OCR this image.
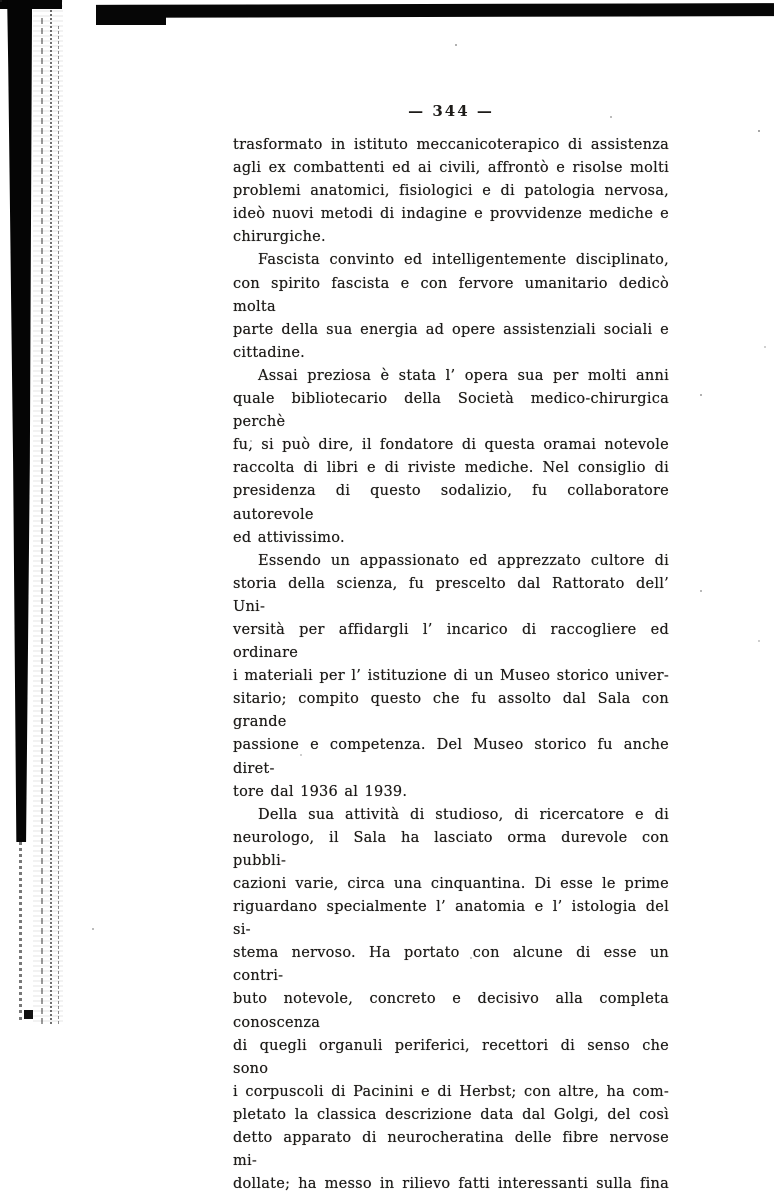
— 344 —
trasformato in istituto meccanicoterapico di assistenza
agli ex combattenti ed ai civili, affrontò e risolse molti
problemi anatomici, fisiologici e di patologia nervosa,
ideò nuovi metodi di indagine e provvidenze mediche e
chirurgiche.
Fascista convinto ed intelligentemente disciplinato,
con spirito fascista e con fervore umanitario dedicò molta
parte della sua energia ad opere assistenziali sociali e
cittadine.
Assai preziosa è stata l’ opera sua per molti anni
quale bibliotecario della Società medico-chirurgica perchè
fu, si può dire, il fondatore di questa oramai notevole
raccolta di libri e di riviste mediche. Nel consiglio di
presidenza di questo sodalizio, fu collaboratore autorevole
ed attivissimo.
Essendo un appassionato ed apprezzato cultore di
storia della scienza, fu prescelto dal Rattorato dell’ Uni-
versità per affidargli l’ incarico di raccogliere ed ordinare
i materiali per l’ istituzione di un Museo storico univer-
sitario; compito questo che fu assolto dal Sala con grande
passione e competenza. Del Museo storico fu anche diret-
tore dal 1936 al 1939.
Della sua attività di studioso, di ricercatore e di
neurologo, il Sala ha lasciato orma durevole con pubbli-
cazioni varie, circa una cinquantina. Di esse le prime
riguardano specialmente l’ anatomia e l’ istologia del si-
stema nervoso. Ha portato con alcune di esse un contri-
buto notevole, concreto e decisivo alla completa conoscenza
di quegli organuli periferici, recettori di senso che sono
i corpuscoli di Pacinini e di Herbst; con altre, ha com-
pletato la classica descrizione data dal Golgi, del così
detto apparato di neurocheratina delle fibre nervose mi-
dollate; ha messo in rilievo fatti interessanti sulla fina
